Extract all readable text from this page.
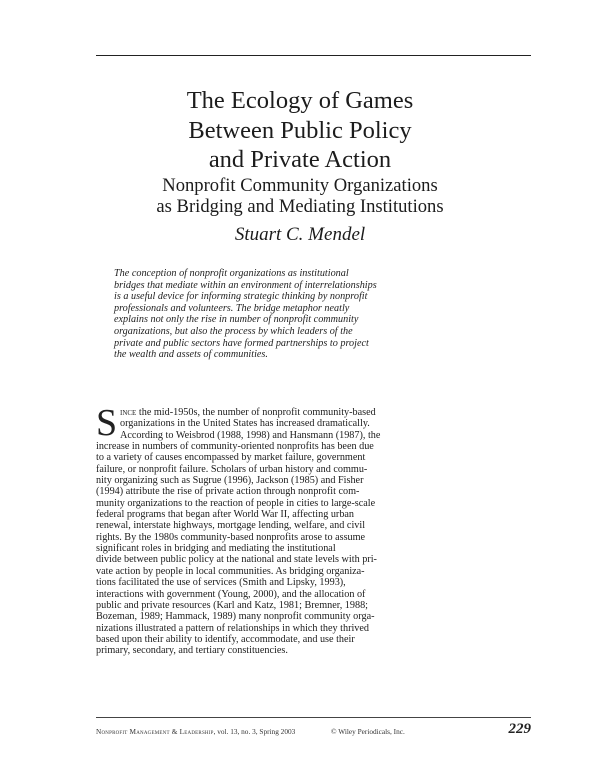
The Ecology of Games
Between Public Policy
and Private Action
Nonprofit Community Organizations
as Bridging and Mediating Institutions
Stuart C. Mendel
The conception of nonprofit organizations as institutional
bridges that mediate within an environment of interrelationships
is a useful device for informing strategic thinking by nonprofit
professionals and volunteers. The bridge metaphor neatly
explains not only the rise in number of nonprofit community
organizations, but also the process by which leaders of the
private and public sectors have formed partnerships to project
the wealth and assets of communities.
S ince the mid-1950s, the number of nonprofit community-based
organizations in the United States has increased dramatically.
According to Weisbrod (1988, 1998) and Hansmann (1987), the
increase in numbers of community-oriented nonprofits has been due
to a variety of causes encompassed by market failure, government
failure, or nonprofit failure. Scholars of urban history and commu-
nity organizing such as Sugrue (1996), Jackson (1985) and Fisher
(1994) attribute the rise of private action through nonprofit com-
munity organizations to the reaction of people in cities to large-scale
federal programs that began after World War II, affecting urban
renewal, interstate highways, mortgage lending, welfare, and civil
rights. By the 1980s community-based nonprofits arose to assume
significant roles in bridging and mediating the institutional
divide between public policy at the national and state levels with pri-
vate action by people in local communities. As bridging organiza-
tions facilitated the use of services (Smith and Lipsky, 1993),
interactions with government (Young, 2000), and the allocation of
public and private resources (Karl and Katz, 1981; Bremner, 1988;
Bozeman, 1989; Hammack, 1989) many nonprofit community orga-
nizations illustrated a pattern of relationships in which they thrived
based upon their ability to identify, accommodate, and use their
primary, secondary, and tertiary constituencies.
Nonprofit Management & Leadership, vol. 13, no. 3, Spring 2003	© Wiley Periodicals, Inc.	229
